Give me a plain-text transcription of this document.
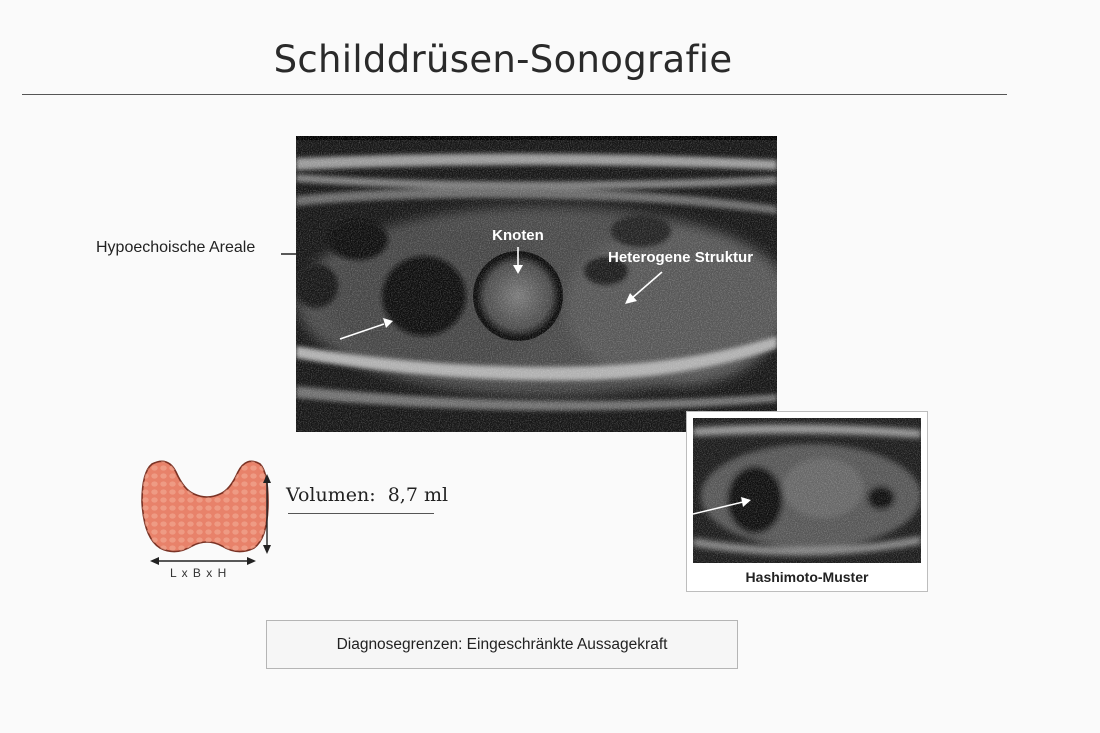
Schilddrüsen-Sonografie
Hypoechoische Areale
Knoten
Heterogene Struktur
Hashimoto-Muster
L x B x H
Volumen: 8,7 ml
Diagnosegrenzen: Eingeschränkte Aussagekraft
